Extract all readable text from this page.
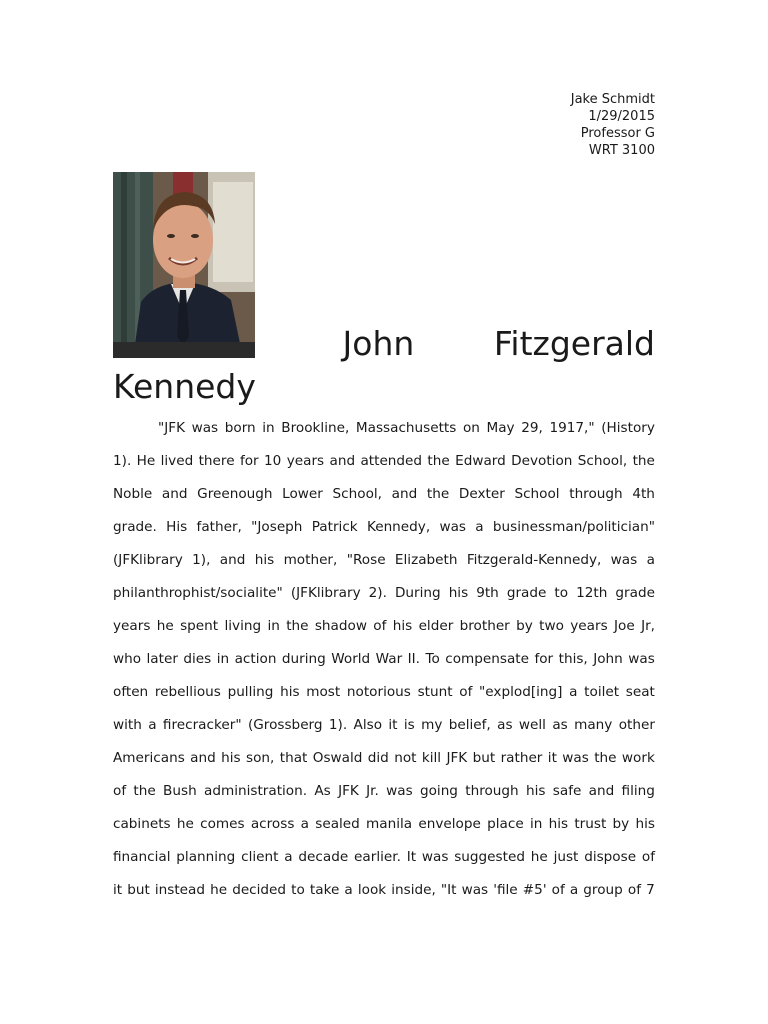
Jake Schmidt
1/29/2015
Professor G
WRT 3100
John Fitzgerald
Kennedy
"JFK was born in Brookline, Massachusetts on May 29, 1917," (History
1). He lived there for 10 years and attended the Edward Devotion School, the
Noble and Greenough Lower School, and the Dexter School through 4th
grade. His father, "Joseph Patrick Kennedy, was a businessman/politician"
(JFKlibrary 1), and his mother, "Rose Elizabeth Fitzgerald-Kennedy, was a
philanthrophist/socialite" (JFKlibrary 2). During his 9th grade to 12th grade
years he spent living in the shadow of his elder brother by two years Joe Jr,
who later dies in action during World War II. To compensate for this, John was
often rebellious pulling his most notorious stunt of "explod[ing] a toilet seat
with a firecracker" (Grossberg 1). Also it is my belief, as well as many other
Americans and his son, that Oswald did not kill JFK but rather it was the work
of the Bush administration. As JFK Jr. was going through his safe and filing
cabinets he comes across a sealed manila envelope place in his trust by his
financial planning client a decade earlier. It was suggested he just dispose of
it but instead he decided to take a look inside, "It was 'file #5' of a group of 7
